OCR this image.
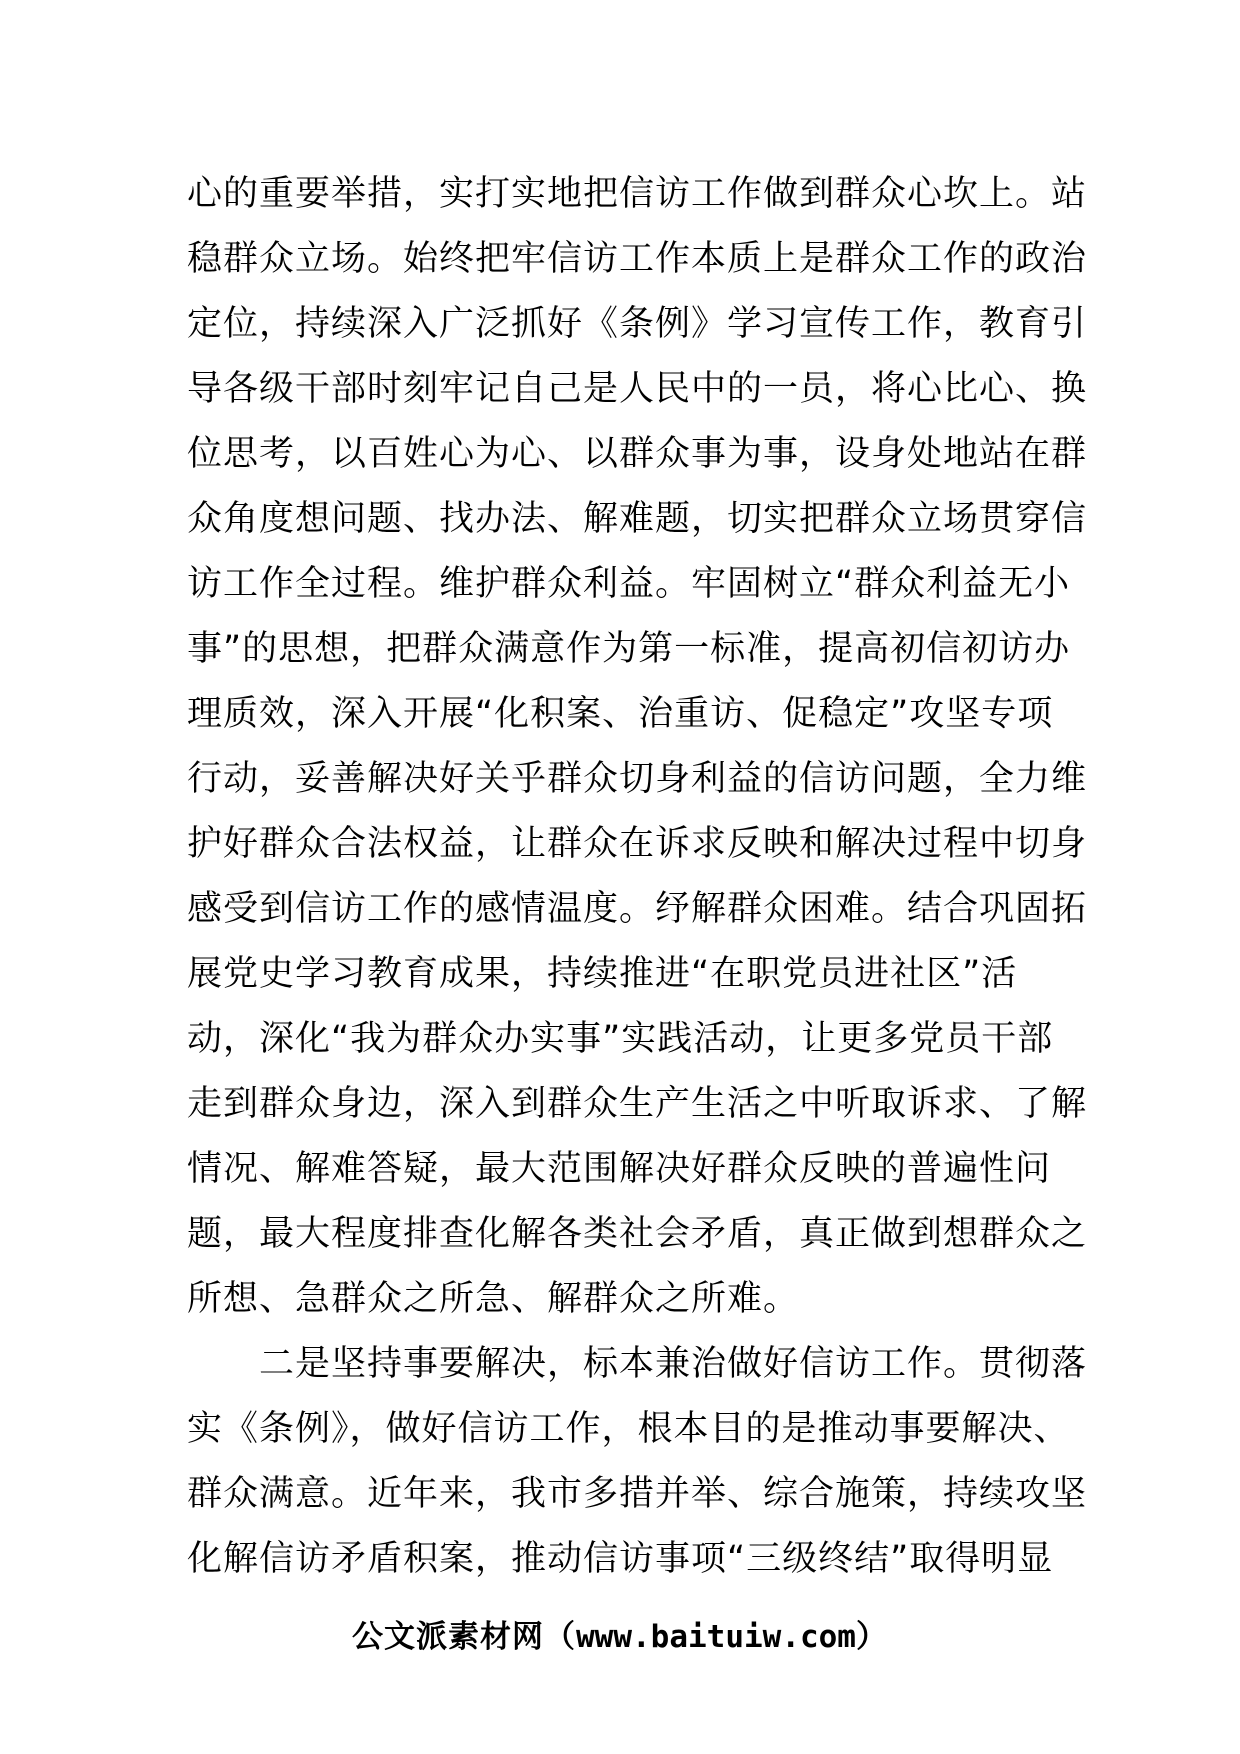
心的重要举措，实打实地把信访工作做到群众心坎上。站
稳群众立场。始终把牢信访工作本质上是群众工作的政治
定位，持续深入广泛抓好《条例》学习宣传工作，教育引
导各级干部时刻牢记自己是人民中的一员，将心比心、换
位思考，以百姓心为心、以群众事为事，设身处地站在群
众角度想问题、找办法、解难题，切实把群众立场贯穿信
访工作全过程。维护群众利益。牢固树立“群众利益无小
事”的思想，把群众满意作为第一标准，提高初信初访办
理质效，深入开展“化积案、治重访、促稳定”攻坚专项
行动，妥善解决好关乎群众切身利益的信访问题，全力维
护好群众合法权益，让群众在诉求反映和解决过程中切身
感受到信访工作的感情温度。纾解群众困难。结合巩固拓
展党史学习教育成果，持续推进“在职党员进社区”活
动，深化“我为群众办实事”实践活动，让更多党员干部
走到群众身边，深入到群众生产生活之中听取诉求、了解
情况、解难答疑，最大范围解决好群众反映的普遍性问
题，最大程度排查化解各类社会矛盾，真正做到想群众之
所想、急群众之所急、解群众之所难。
　　二是坚持事要解决，标本兼治做好信访工作。贯彻落
实《条例》，做好信访工作，根本目的是推动事要解决、
群众满意。近年来，我市多措并举、综合施策，持续攻坚
化解信访矛盾积案，推动信访事项“三级终结”取得明显
公文派素材网（www.baituiw.com）
